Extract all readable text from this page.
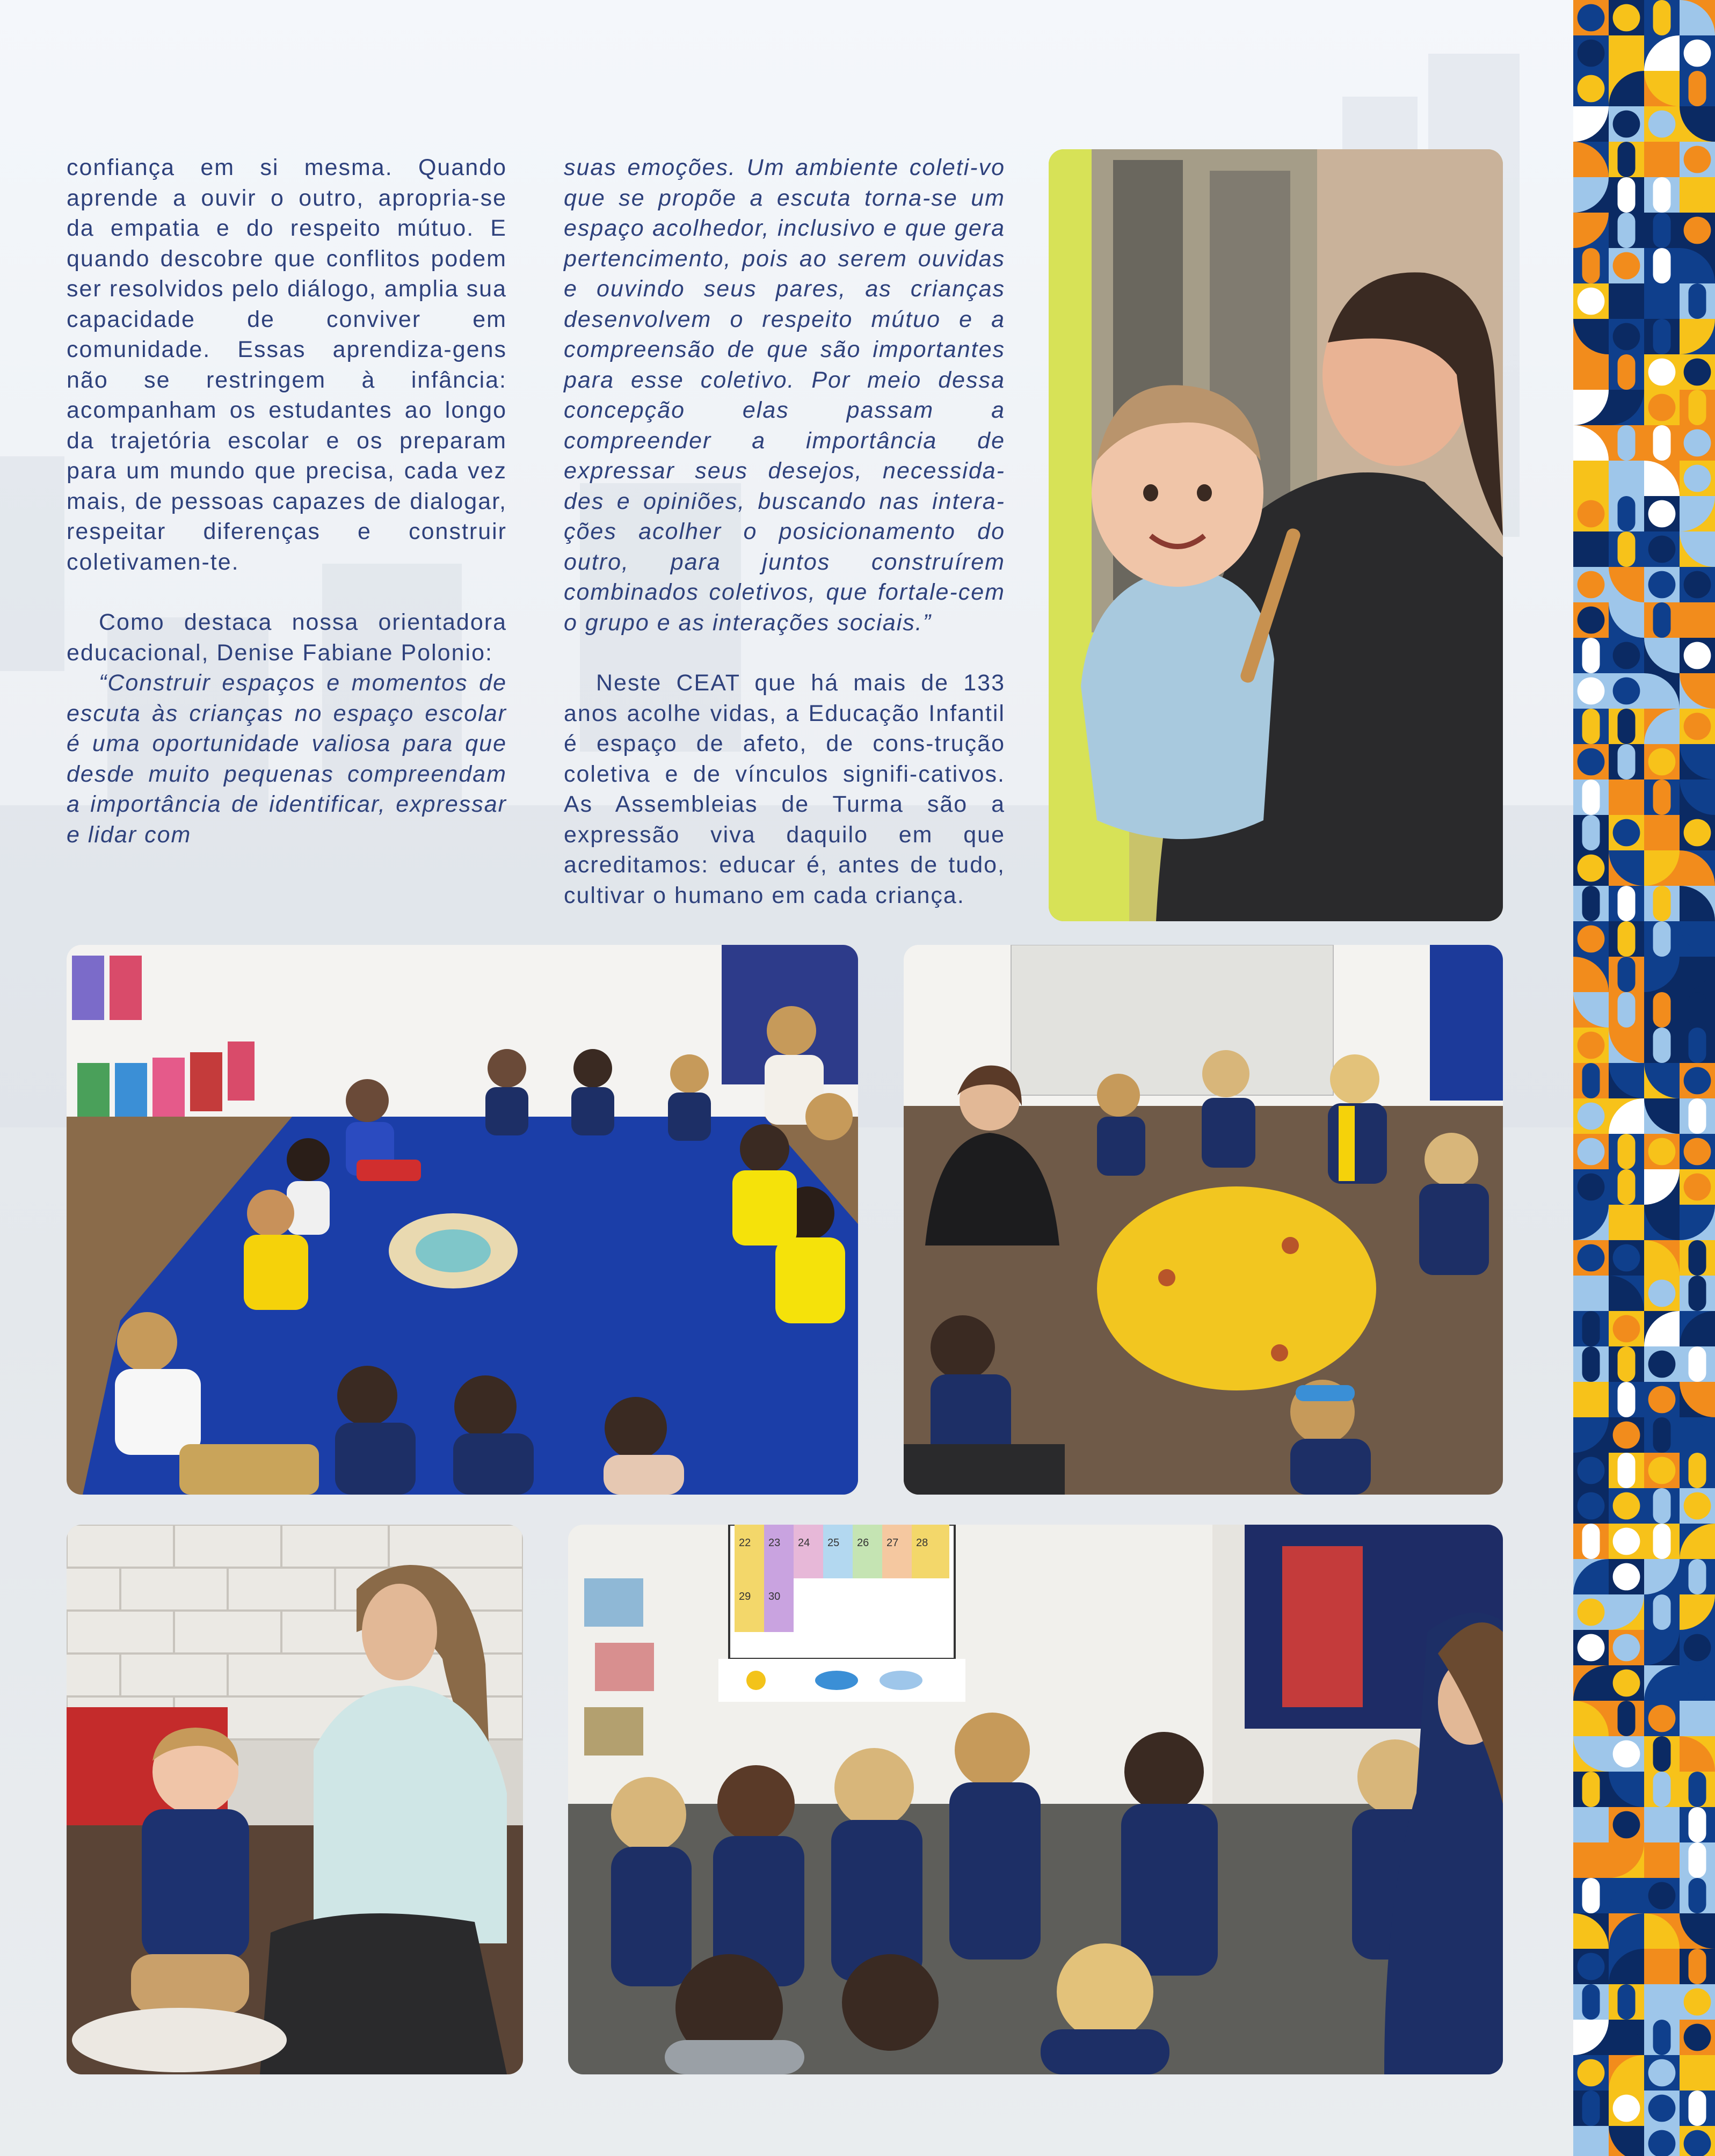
confiança em si mesma. Quando aprende a ouvir o outro, apropria-se da empatia e do respeito mútuo. E quando descobre que conflitos podem ser resolvidos pelo diálogo, amplia sua capacidade de conviver em comunidade. Essas aprendiza-gens não se restringem à infância: acompanham os estudantes ao longo da trajetória escolar e os preparam para um mundo que precisa, cada vez mais, de pessoas capazes de dialogar, respeitar diferenças e construir coletivamen-te.

Como destaca nossa orientadora educacional, Denise Fabiane Polonio:

“Construir espaços e momentos de escuta às crianças no espaço escolar é uma oportunidade valiosa para que desde muito pequenas compreendam a importância de identificar, expressar e lidar com

suas emoções. Um ambiente coleti-vo que se propõe a escuta torna-se um espaço acolhedor, inclusivo e que gera pertencimento, pois ao serem ouvidas e ouvindo seus pares, as crianças desenvolvem o respeito mútuo e a compreensão de que são importantes para esse coletivo. Por meio dessa concepção elas passam a compreender a importância de expressar seus desejos, necessida-des e opiniões, buscando nas intera-ções acolher o posicionamento do outro, para juntos construírem combinados coletivos, que fortale-cem o grupo e as interações sociais.”

Neste CEAT que há mais de 133 anos acolhe vidas, a Educação Infantil é espaço de afeto, de cons-trução coletiva e de vínculos signifi-cativos. As Assembleias de Turma são a expressão viva daquilo em que acreditamos: educar é, antes de tudo, cultivar o humano em cada criança.

22 23 24 25 26 27 28
29 30
